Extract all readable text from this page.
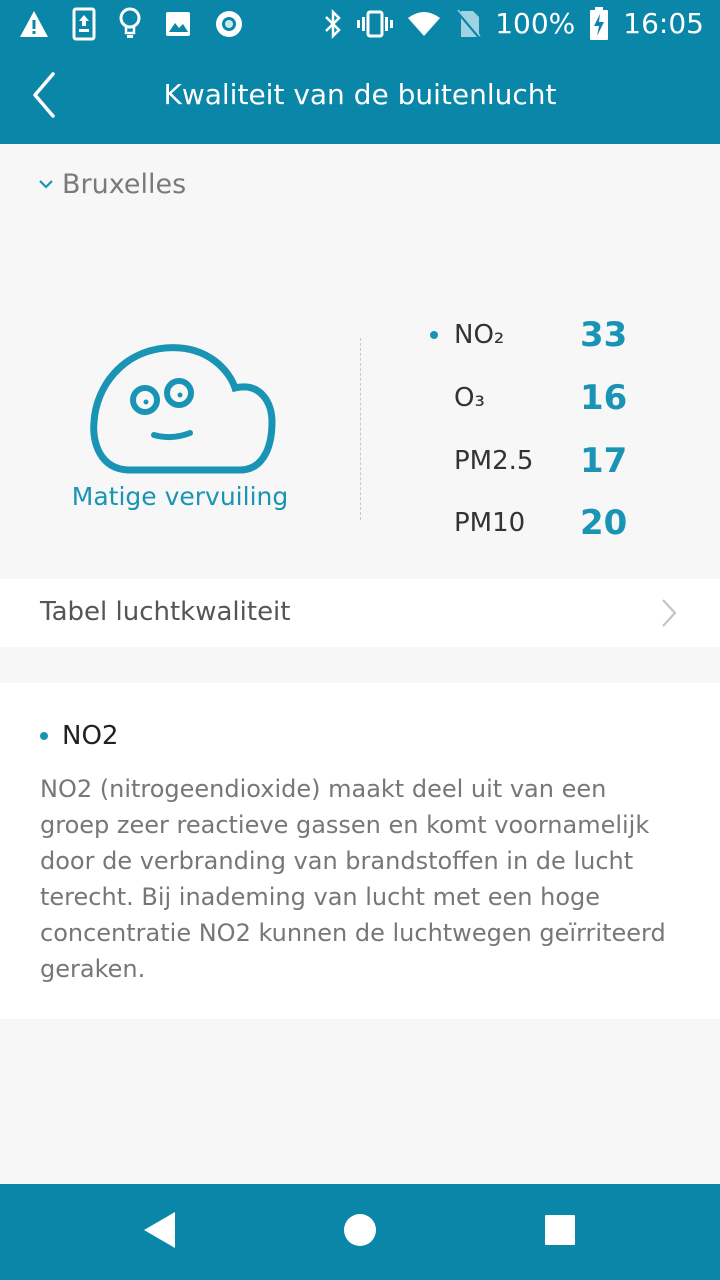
100% 16:05
Kwaliteit van de buitenlucht
Bruxelles
Matige vervuiling
NO₂	33
O₃	16
PM2.5	17
PM10	20
Tabel luchtkwaliteit
NO2
NO2 (nitrogeendioxide) maakt deel uit van een groep zeer reactieve gassen en komt voornamelijk door de verbranding van brandstoffen in de lucht terecht. Bij inademing van lucht met een hoge concentratie NO2 kunnen de luchtwegen geïrriteerd geraken.
